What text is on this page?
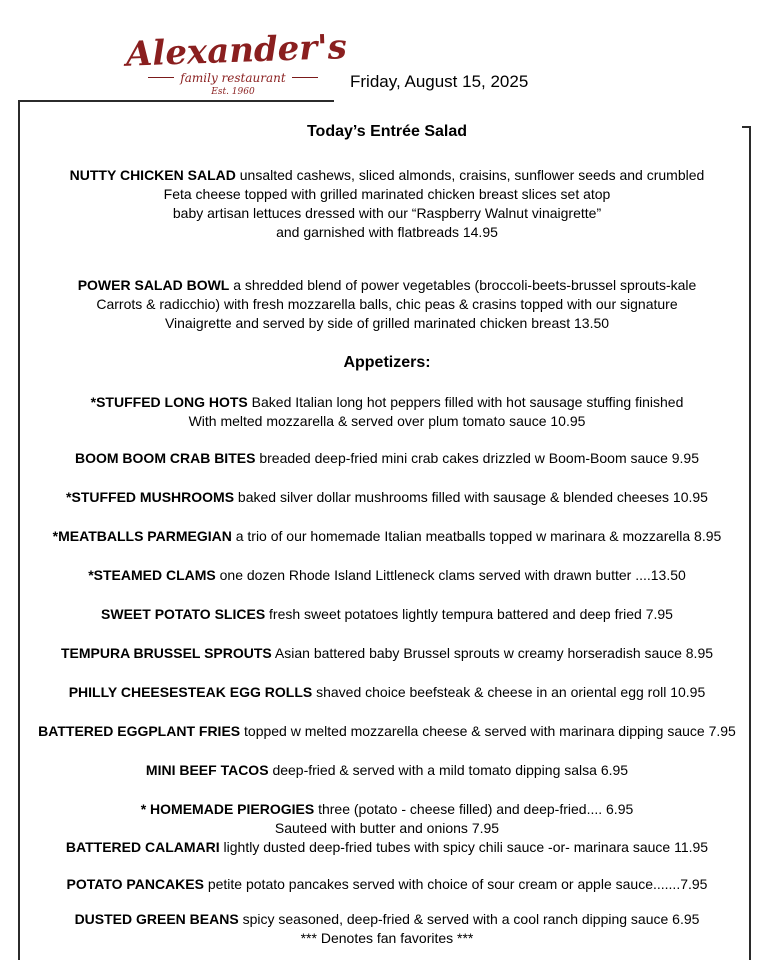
Alexander's
family restaurant
Est. 1960
Friday, August 15, 2025
Today’s Entrée Salad

NUTTY CHICKEN SALAD unsalted cashews, sliced almonds, craisins, sunflower seeds and crumbled
Feta cheese topped with grilled marinated chicken breast slices set atop
baby artisan lettuces dressed with our “Raspberry Walnut vinaigrette”
and garnished with flatbreads 14.95

POWER SALAD BOWL a shredded blend of power vegetables (broccoli-beets-brussel sprouts-kale
Carrots & radicchio) with fresh mozzarella balls, chic peas & crasins topped with our signature
Vinaigrette and served by side of grilled marinated chicken breast 13.50

Appetizers:

*STUFFED LONG HOTS Baked Italian long hot peppers filled with hot sausage stuffing finished
With melted mozzarella & served over plum tomato sauce 10.95

BOOM BOOM CRAB BITES breaded deep-fried mini crab cakes drizzled w Boom-Boom sauce 9.95

*STUFFED MUSHROOMS baked silver dollar mushrooms filled with sausage & blended cheeses 10.95

*MEATBALLS PARMEGIAN a trio of our homemade Italian meatballs topped w marinara & mozzarella 8.95

*STEAMED CLAMS one dozen Rhode Island Littleneck clams served with drawn butter ....13.50

SWEET POTATO SLICES fresh sweet potatoes lightly tempura battered and deep fried 7.95

TEMPURA BRUSSEL SPROUTS Asian battered baby Brussel sprouts w creamy horseradish sauce 8.95

PHILLY CHEESESTEAK EGG ROLLS shaved choice beefsteak & cheese in an oriental egg roll 10.95

BATTERED EGGPLANT FRIES topped w melted mozzarella cheese & served with marinara dipping sauce 7.95

MINI BEEF TACOS deep-fried & served with a mild tomato dipping salsa 6.95

* HOMEMADE PIEROGIES three (potato - cheese filled) and deep-fried.... 6.95
Sauteed with butter and onions 7.95

BATTERED CALAMARI lightly dusted deep-fried tubes with spicy chili sauce -or- marinara sauce 11.95

POTATO PANCAKES petite potato pancakes served with choice of sour cream or apple sauce.......7.95

DUSTED GREEN BEANS spicy seasoned, deep-fried & served with a cool ranch dipping sauce 6.95

*** Denotes fan favorites ***
